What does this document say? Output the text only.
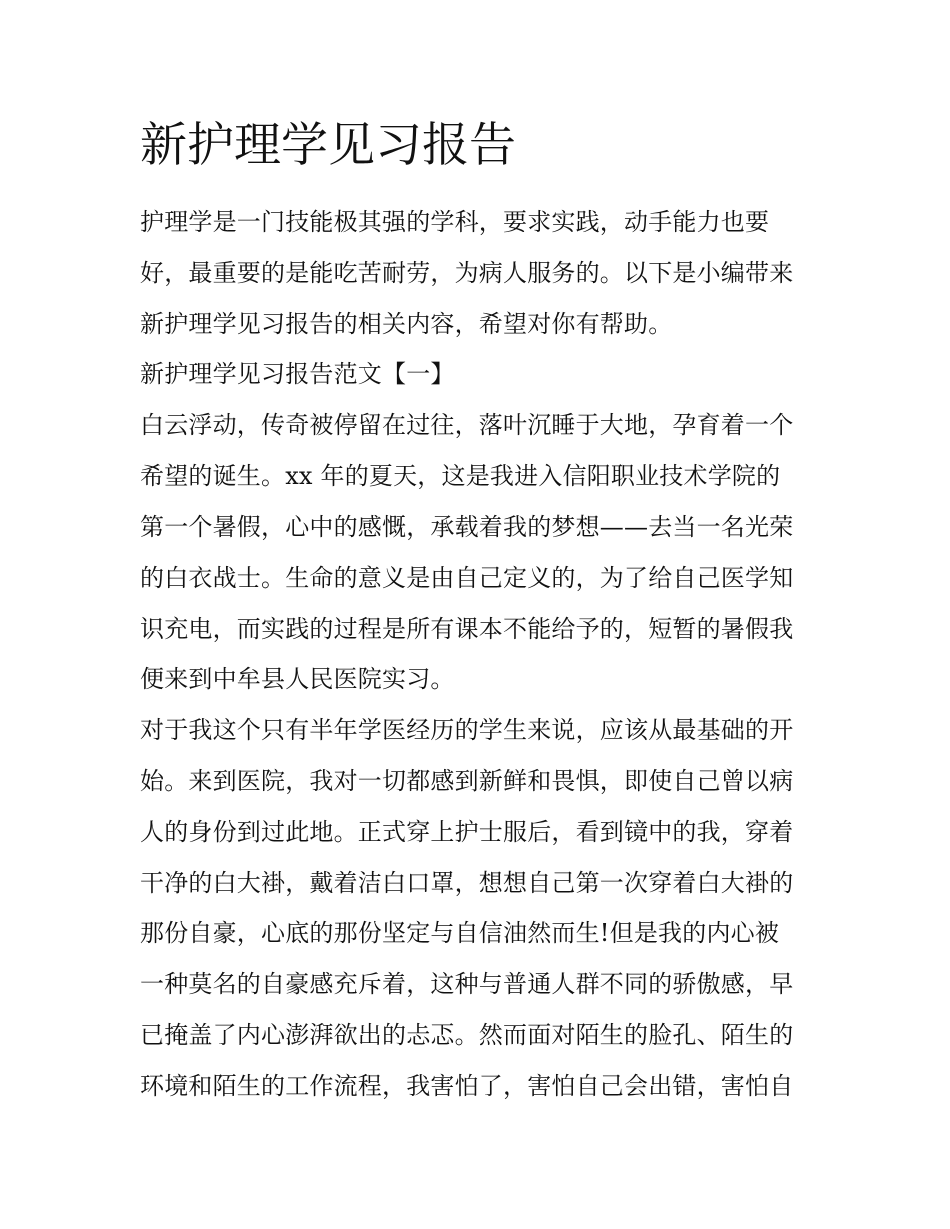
新护理学见习报告
护理学是一门技能极其强的学科，要求实践，动手能力也要
好，最重要的是能吃苦耐劳，为病人服务的。以下是小编带来
新护理学见习报告的相关内容，希望对你有帮助。
新护理学见习报告范文【一】
白云浮动，传奇被停留在过往，落叶沉睡于大地，孕育着一个
希望的诞生。xx 年的夏天，这是我进入信阳职业技术学院的
第一个暑假，心中的感慨，承载着我的梦想——去当一名光荣
的白衣战士。生命的意义是由自己定义的，为了给自己医学知
识充电，而实践的过程是所有课本不能给予的，短暂的暑假我
便来到中牟县人民医院实习。
对于我这个只有半年学医经历的学生来说，应该从最基础的开
始。来到医院，我对一切都感到新鲜和畏惧，即使自己曾以病
人的身份到过此地。正式穿上护士服后，看到镜中的我，穿着
干净的白大褂，戴着洁白口罩，想想自己第一次穿着白大褂的
那份自豪，心底的那份坚定与自信油然而生!但是我的内心被
一种莫名的自豪感充斥着，这种与普通人群不同的骄傲感，早
已掩盖了内心澎湃欲出的忐忑。然而面对陌生的脸孔、陌生的
环境和陌生的工作流程，我害怕了，害怕自己会出错，害怕自
